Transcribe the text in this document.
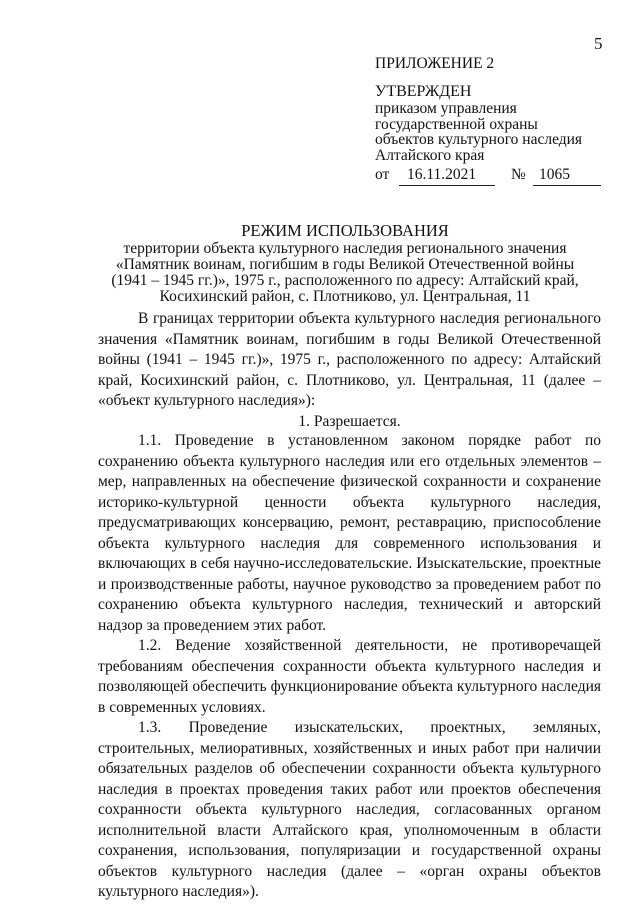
5
ПРИЛОЖЕНИЕ 2
УТВЕРЖДЕН
приказом управления
государственной охраны
объектов культурного наследия
Алтайского края
от	16.11.2021	№ 1065
РЕЖИМ ИСПОЛЬЗОВАНИЯ
территории объекта культурного наследия регионального значения
«Памятник воинам, погибшим в годы Великой Отечественной войны
(1941 – 1945 гг.)», 1975 г., расположенного по адресу: Алтайский край,
Косихинский район, с. Плотниково, ул. Центральная, 11

В границах территории объекта культурного наследия регионального значения «Памятник воинам, погибшим в годы Великой Отечественной войны (1941 – 1945 гг.)», 1975 г., расположенного по адресу: Алтайский край, Косихинский район, с. Плотниково, ул. Центральная, 11 (далее – «объект культурного наследия»):

1. Разрешается.

1.1. Проведение в установленном законом порядке работ по сохранению объекта культурного наследия или его отдельных элементов – мер, направленных на обеспечение физической сохранности и сохранение историко-культурной ценности объекта культурного наследия, предусматривающих консервацию, ремонт, реставрацию, приспособление объекта культурного наследия для современного использования и включающих в себя научно-исследовательские. Изыскательские, проектные и производственные работы, научное руководство за проведением работ по сохранению объекта культурного наследия, технический и авторский надзор за проведением этих работ.

1.2. Ведение хозяйственной деятельности, не противоречащей требованиям обеспечения сохранности объекта культурного наследия и позволяющей обеспечить функционирование объекта культурного наследия в современных условиях.

1.3. Проведение изыскательских, проектных, земляных, строительных, мелиоративных, хозяйственных и иных работ при наличии обязательных разделов об обеспечении сохранности объекта культурного наследия в проектах проведения таких работ или проектов обеспечения сохранности объекта культурного наследия, согласованных органом исполнительной власти Алтайского края, уполномоченным в области сохранения, использования, популяризации и государственной охраны объектов культурного наследия (далее – «орган охраны объектов культурного наследия»).
